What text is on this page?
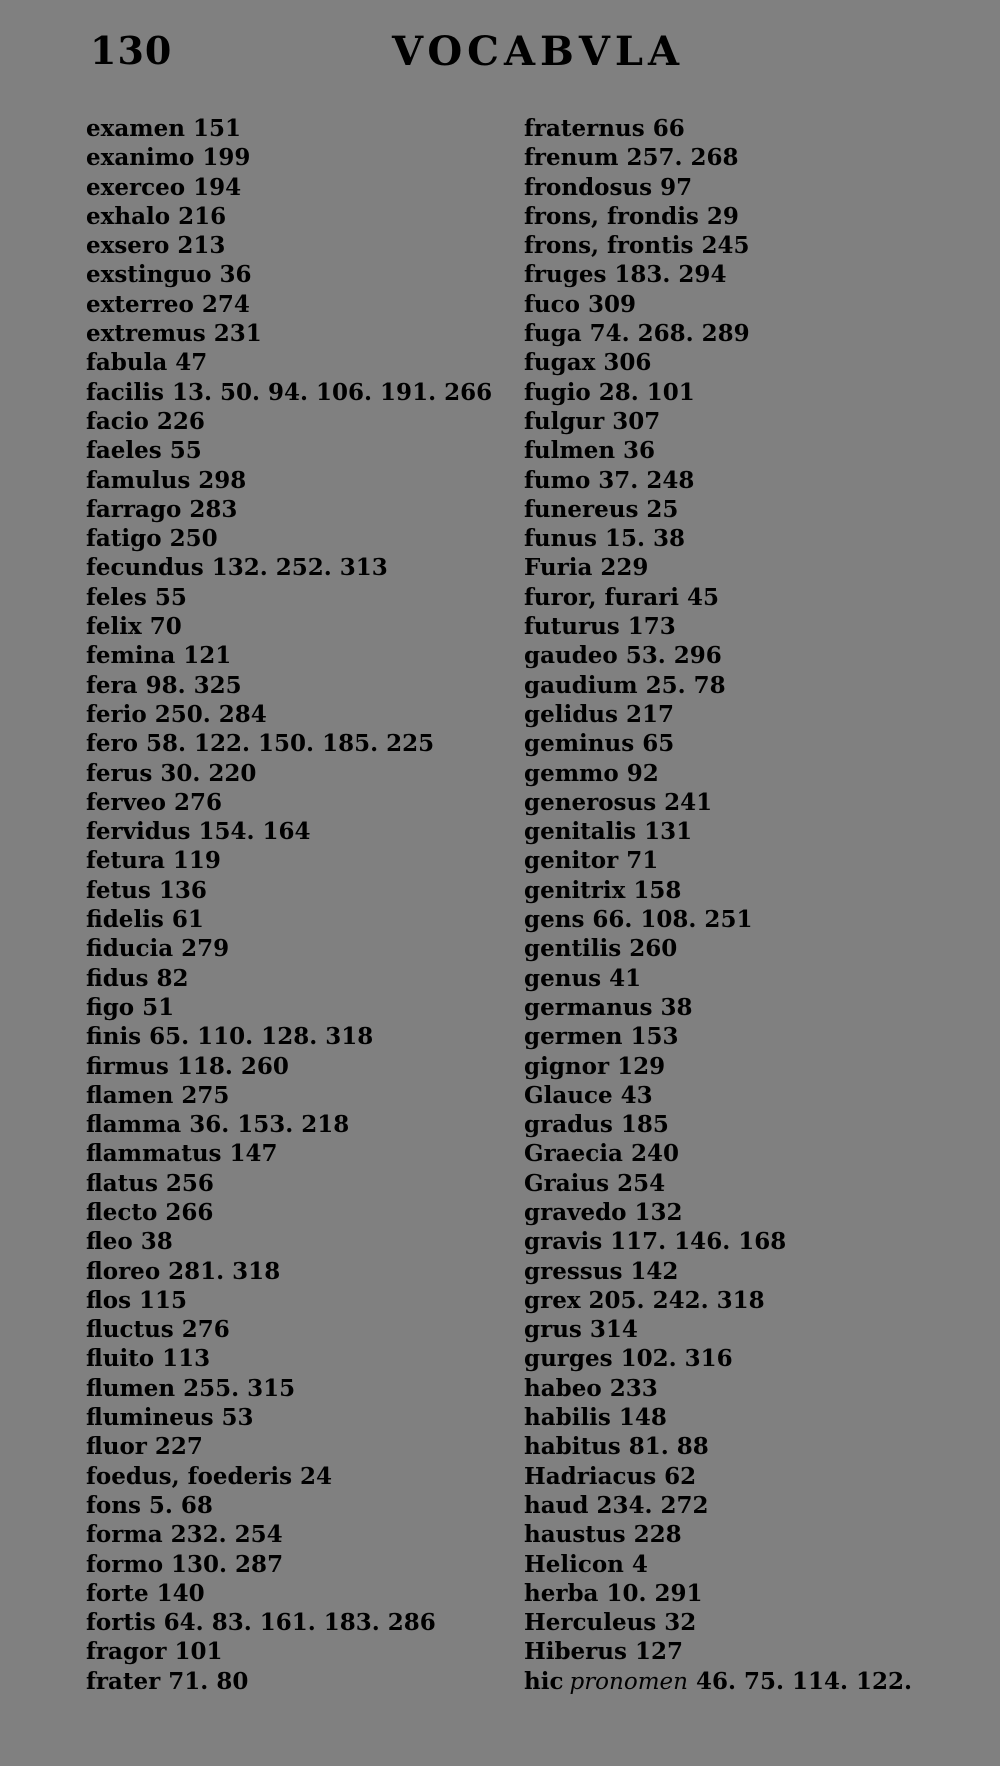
130	VOCABVLA
examen 151
exanimo 199
exerceo 194
exhalo 216
exsero 213
exstinguo 36
exterreo 274
extremus 231
fabula 47
facilis 13. 50. 94. 106. 191. 266
facio 226
faeles 55
famulus 298
farrago 283
fatigo 250
fecundus 132. 252. 313
feles 55
felix 70
femina 121
fera 98. 325
ferio 250. 284
fero 58. 122. 150. 185. 225
ferus 30. 220
ferveo 276
fervidus 154. 164
fetura 119
fetus 136
fidelis 61
fiducia 279
fidus 82
figo 51
finis 65. 110. 128. 318
firmus 118. 260
flamen 275
flamma 36. 153. 218
flammatus 147
flatus 256
flecto 266
fleo 38
floreo 281. 318
flos 115
fluctus 276
fluito 113
flumen 255. 315
flumineus 53
fluor 227
foedus, foederis 24
fons 5. 68
forma 232. 254
formo 130. 287
forte 140
fortis 64. 83. 161. 183. 286
fragor 101
frater 71. 80
fraternus 66
frenum 257. 268
frondosus 97
frons, frondis 29
frons, frontis 245
fruges 183. 294
fuco 309
fuga 74. 268. 289
fugax 306
fugio 28. 101
fulgur 307
fulmen 36
fumo 37. 248
funereus 25
funus 15. 38
Furia 229
furor, furari 45
futurus 173
gaudeo 53. 296
gaudium 25. 78
gelidus 217
geminus 65
gemmo 92
generosus 241
genitalis 131
genitor 71
genitrix 158
gens 66. 108. 251
gentilis 260
genus 41
germanus 38
germen 153
gignor 129
Glauce 43
gradus 185
Graecia 240
Graius 254
gravedo 132
gravis 117. 146. 168
gressus 142
grex 205. 242. 318
grus 314
gurges 102. 316
habeo 233
habilis 148
habitus 81. 88
Hadriacus 62
haud 234. 272
haustus 228
Helicon 4
herba 10. 291
Herculeus 32
Hiberus 127
hic pronomen 46. 75. 114. 122.
